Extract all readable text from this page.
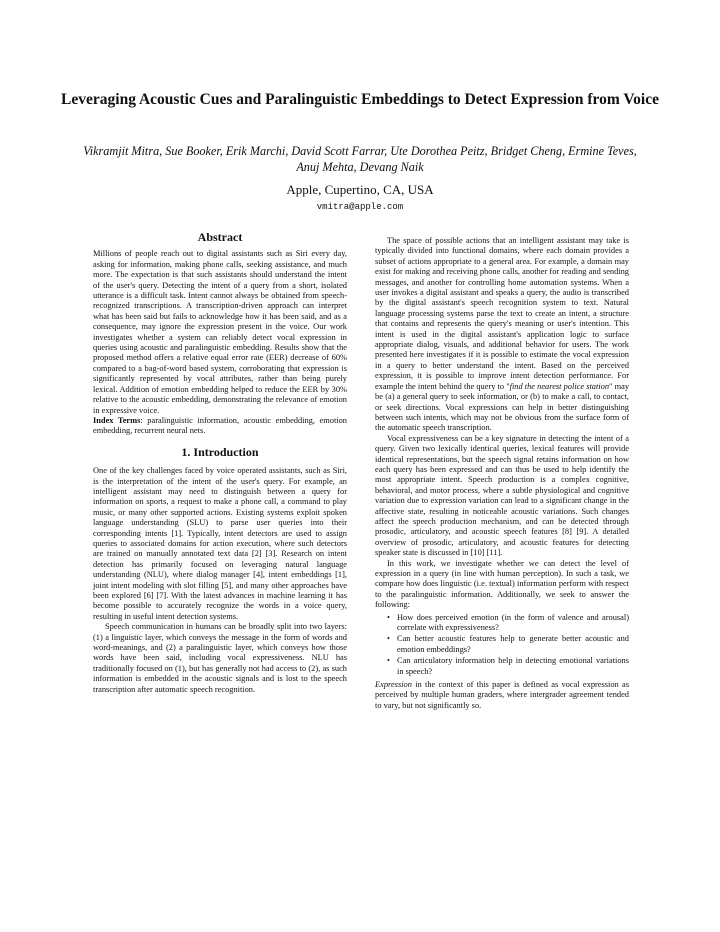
Leveraging Acoustic Cues and Paralinguistic Embeddings to Detect Expression from Voice
Vikramjit Mitra, Sue Booker, Erik Marchi, David Scott Farrar, Ute Dorothea Peitz, Bridget Cheng, Ermine Teves, Anuj Mehta, Devang Naik
Apple, Cupertino, CA, USA
vmitra@apple.com
Abstract

Millions of people reach out to digital assistants such as Siri every day, asking for information, making phone calls, seeking assistance, and much more. The expectation is that such assistants should understand the intent of the user's query. Detecting the intent of a query from a short, isolated utterance is a difficult task. Intent cannot always be obtained from speech-recognized transcriptions. A transcription-driven approach can interpret what has been said but fails to acknowledge how it has been said, and as a consequence, may ignore the expression present in the voice. Our work investigates whether a system can reliably detect vocal expression in queries using acoustic and paralinguistic embedding. Results show that the proposed method offers a relative equal error rate (EER) decrease of 60% compared to a bag-of-word based system, corroborating that expression is significantly represented by vocal attributes, rather than being purely lexical. Addition of emotion embedding helped to reduce the EER by 30% relative to the acoustic embedding, demonstrating the relevance of emotion in expressive voice.

Index Terms: paralinguistic information, acoustic embedding, emotion embedding, recurrent neural nets.

1. Introduction

One of the key challenges faced by voice operated assistants, such as Siri, is the interpretation of the intent of the user's query. For example, an intelligent assistant may need to distinguish between a query for information on sports, a request to make a phone call, a command to play music, or many other supported actions. Existing systems exploit spoken language understanding (SLU) to parse user queries into their corresponding intents [1]. Typically, intent detectors are used to assign queries to associated domains for action execution, where such detectors are trained on manually annotated text data [2] [3]. Research on intent detection has primarily focused on leveraging natural language understanding (NLU), where dialog manager [4], intent embeddings [1], joint intent modeling with slot filling [5], and many other approaches have been explored [6] [7]. With the latest advances in machine learning it has become possible to accurately recognize the words in a voice query, resulting in useful intent detection systems.

Speech communication in humans can be broadly split into two layers: (1) a linguistic layer, which conveys the message in the form of words and word-meanings, and (2) a paralinguistic layer, which conveys how those words have been said, including vocal expressiveness. NLU has traditionally focused on (1), but has generally not had access to (2), as such information is embedded in the acoustic signals and is lost to the speech transcription after automatic speech recognition.

The space of possible actions that an intelligent assistant may take is typically divided into functional domains, where each domain provides a subset of actions appropriate to a general area. For example, a domain may exist for making and receiving phone calls, another for reading and sending messages, and another for controlling home automation systems. When a user invokes a digital assistant and speaks a query, the audio is transcribed by the digital assistant's speech recognition system to text. Natural language processing systems parse the text to create an intent, a structure that contains and represents the query's meaning or user's intention. This intent is used in the digital assistant's application logic to surface appropriate dialog, visuals, and additional behavior for users. The work presented here investigates if it is possible to estimate the vocal expression in a query to better understand the intent. Based on the perceived expression, it is possible to improve intent detection performance. For example the intent behind the query to "find the nearest police station" may be (a) a general query to seek information, or (b) to make a call, to contact, or seek directions. Vocal expressions can help in better distinguishing between such intents, which may not be obvious from the surface form of the automatic speech transcription.

Vocal expressiveness can be a key signature in detecting the intent of a query. Given two lexically identical queries, lexical features will provide identical representations, but the speech signal retains information on how each query has been expressed and can thus be used to help identify the most appropriate intent. Speech production is a complex cognitive, behavioral, and motor process, where a subtle physiological and cognitive variation due to expression variation can lead to a significant change in the affective state, resulting in noticeable acoustic variations. Such changes affect the speech production mechanism, and can be detected through prosodic, articulatory, and acoustic speech features [8] [9]. A detailed overview of prosodic, articulatory, and acoustic features for detecting speaker state is discussed in [10] [11].

In this work, we investigate whether we can detect the level of expression in a query (in line with human perception). In such a task, we compare how does linguistic (i.e. textual) information perform with respect to the paralinguistic information. Additionally, we seek to answer the following:

• How does perceived emotion (in the form of valence and arousal) correlate with expressiveness?
• Can better acoustic features help to generate better acoustic and emotion embeddings?
• Can articulatory information help in detecting emotional variations in speech?

Expression in the context of this paper is defined as vocal expression as perceived by multiple human graders, where intergrader agreement tended to vary, but not significantly so.
